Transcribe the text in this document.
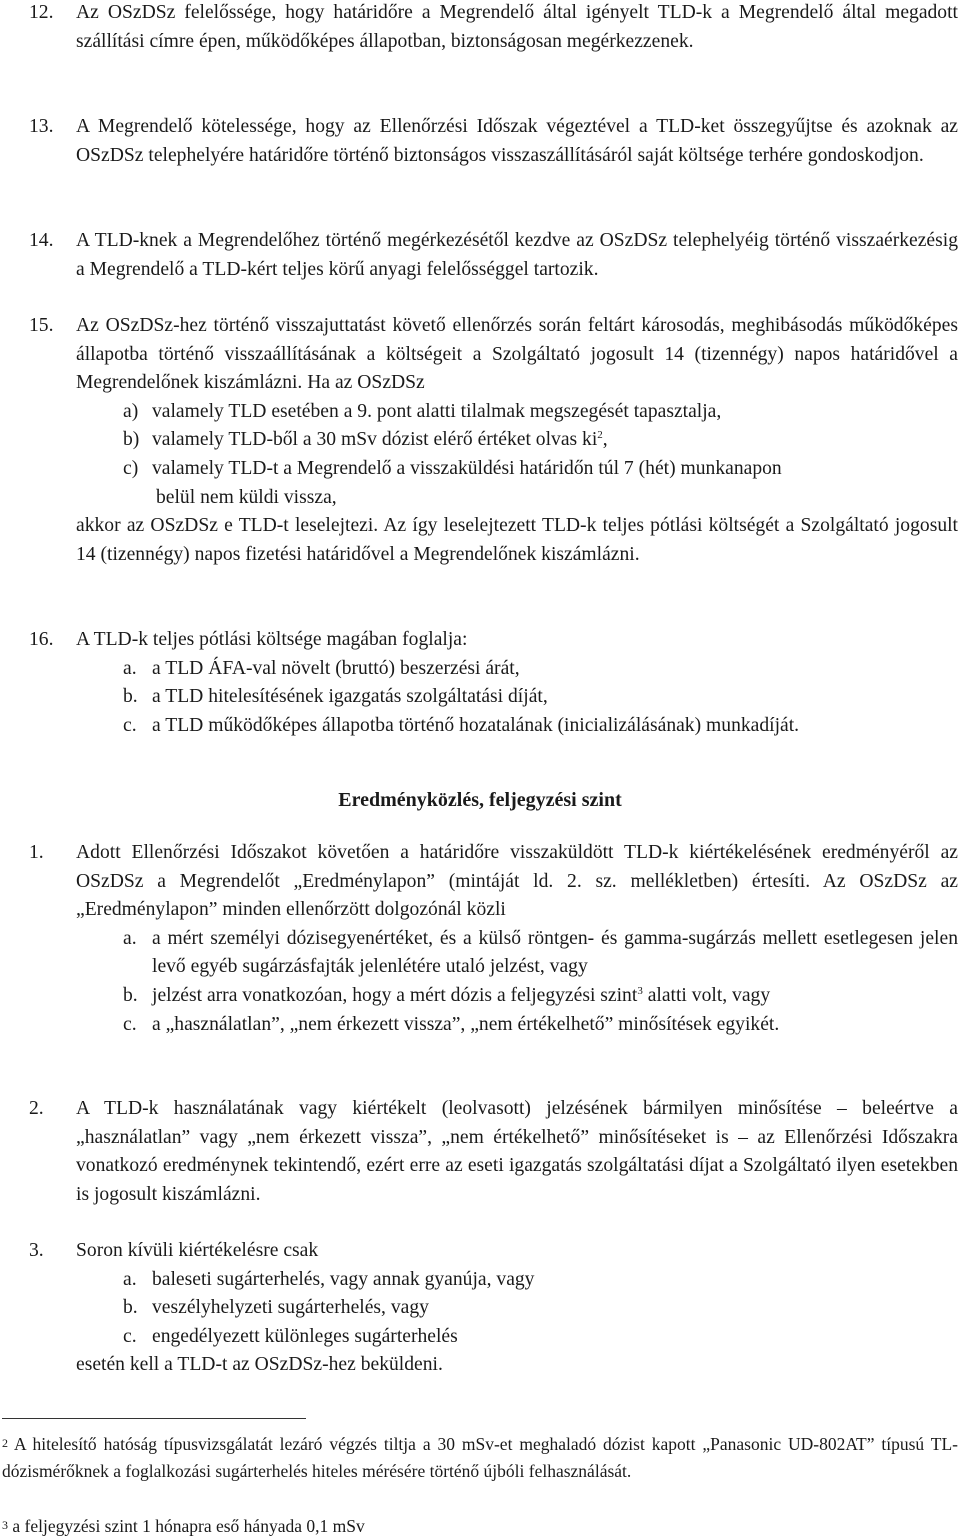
12.	Az OSzDSz felelőssége, hogy határidőre a Megrendelő által igényelt TLD-k a Megrendelő által megadott szállítási címre épen, működőképes állapotban, biztonságosan megérkezzenek.

13.	A Megrendelő kötelessége, hogy az Ellenőrzési Időszak végeztével a TLD-ket összegyűjtse és azoknak az OSzDSz telephelyére határidőre történő biztonságos visszaszállításáról saját költsége terhére gondoskodjon.

14.	A TLD-knek a Megrendelőhez történő megérkezésétől kezdve az OSzDSz telephelyéig történő visszaérkezésig a Megrendelő a TLD-kért teljes körű anyagi felelősséggel tartozik.

15.	Az OSzDSz-hez történő visszajuttatást követő ellenőrzés során feltárt károsodás, meghibásodás működőképes állapotba történő visszaállításának a költségeit a Szolgáltató jogosult 14 (tizennégy) napos határidővel a Megrendelőnek kiszámlázni. Ha az OSzDSz

a) valamely TLD esetében a 9. pont alatti tilalmak megszegését tapasztalja,
b) valamely TLD-ből a 30 mSv dózist elérő értéket olvas $ki^2$,
c) valamely TLD-t a Megrendelő a visszaküldési határidőn túl 7 (hét) munkanapon
belül nem küldi vissza,

akkor az OSzDSz e TLD-t leselejtezi. Az így leselejtezett TLD-k teljes pótlási költségét a Szolgáltató jogosult 14 (tizennégy) napos fizetési határidővel a Megrendelőnek kiszámlázni.

16.	A TLD-k teljes pótlási költsége magában foglalja:

a. a TLD ÁFA-val növelt (bruttó) beszerzési árát,
b. a TLD hitelesítésének igazgatás szolgáltatási díját,
c. a TLD működőképes állapotba történő hozatalának (inicializálásának) munkadíját.
Eredményközlés, feljegyzési szint
1.	Adott Ellenőrzési Időszakot követően a határidőre visszaküldött TLD-k kiértékelésének eredményéről az OSzDSz a Megrendelőt „Eredménylapon” (mintáját ld. 2. sz. mellékletben) értesíti. Az OSzDSz az „Eredménylapon” minden ellenőrzött dolgozónál közli

a. a mért személyi dózisegyenértéket, és a külső röntgen- és gamma-sugárzás mellett esetlegesen jelen levő egyéb sugárzásfajták jelenlétére utaló jelzést, vagy
b. jelzést arra vonatkozóan, hogy a mért dózis a feljegyzési szint$^3$ alatti volt, vagy
c. a „használatlan”, „nem érkezett vissza”, „nem értékelhető” minősítések egyikét.
2.	A TLD-k használatának vagy kiértékelt (leolvasott) jelzésének bármilyen minősítése – beleértve a „használatlan” vagy „nem érkezett vissza”, „nem értékelhető” minősítéseket is – az Ellenőrzési Időszakra vonatkozó eredménynek tekintendő, ezért erre az eseti igazgatás szolgáltatási díjat a Szolgáltató ilyen esetekben is jogosult kiszámlázni.

3.	Soron kívüli kiértékelésre csak

a. baleseti sugárterhelés, vagy annak gyanúja, vagy
b. veszélyhelyzeti sugárterhelés, vagy
c. engedélyezett különleges sugárterhelés

esetén kell a TLD-t az OSzDSz-hez beküldeni.

2 A hitelesítő hatóság típusvizsgálatát lezáró végzés tiltja a 30 mSv-et meghaladó dózist kapott „Panasonic UD-802AT” típusú TL-dózismérőknek a foglalkozási sugárterhelés hiteles mérésére történő újbóli felhasználását.
3 a feljegyzési szint 1 hónapra eső hányada 0,1 mSv
